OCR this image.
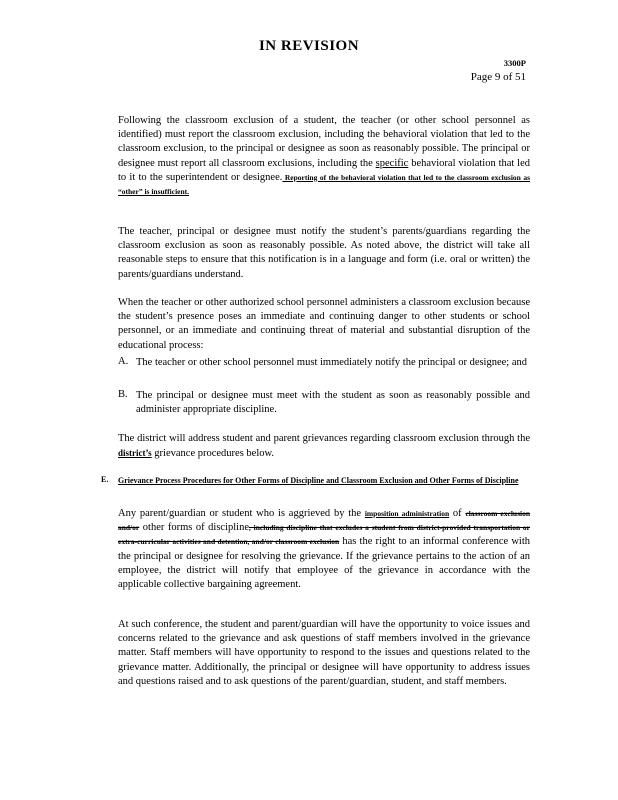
IN REVISION
3300P
Page 9 of 51
Following the classroom exclusion of a student, the teacher (or other school personnel as identified) must report the classroom exclusion, including the behavioral violation that led to the classroom exclusion, to the principal or designee as soon as reasonably possible. The principal or designee must report all classroom exclusions, including the specific behavioral violation that led to it to the superintendent or designee. Reporting of the behavioral violation that led to the classroom exclusion as “other” is insufficient.
The teacher, principal or designee must notify the student’s parents/guardians regarding the classroom exclusion as soon as reasonably possible. As noted above, the district will take all reasonable steps to ensure that this notification is in a language and form (i.e. oral or written) the parents/guardians understand.
When the teacher or other authorized school personnel administers a classroom exclusion because the student’s presence poses an immediate and continuing danger to other students or school personnel, or an immediate and continuing threat of material and substantial disruption of the educational process:
A. The teacher or other school personnel must immediately notify the principal or designee; and
B. The principal or designee must meet with the student as soon as reasonably possible and administer appropriate discipline.
The district will address student and parent grievances regarding classroom exclusion through the district’s grievance procedures below.
E. Grievance Process Procedures for Other Forms of Discipline and Classroom Exclusion and Other Forms of Discipline
Any parent/guardian or student who is aggrieved by the imposition administration of classroom exclusion and/or other forms of discipline, including discipline that excludes a student from district-provided transportation or extra-curricular activities and detention, and/or classroom exclusion has the right to an informal conference with the principal or designee for resolving the grievance. If the grievance pertains to the action of an employee, the district will notify that employee of the grievance in accordance with the applicable collective bargaining agreement.
At such conference, the student and parent/guardian will have the opportunity to voice issues and concerns related to the grievance and ask questions of staff members involved in the grievance matter. Staff members will have opportunity to respond to the issues and questions related to the grievance matter. Additionally, the principal or designee will have opportunity to address issues and questions raised and to ask questions of the parent/guardian, student, and staff members.
